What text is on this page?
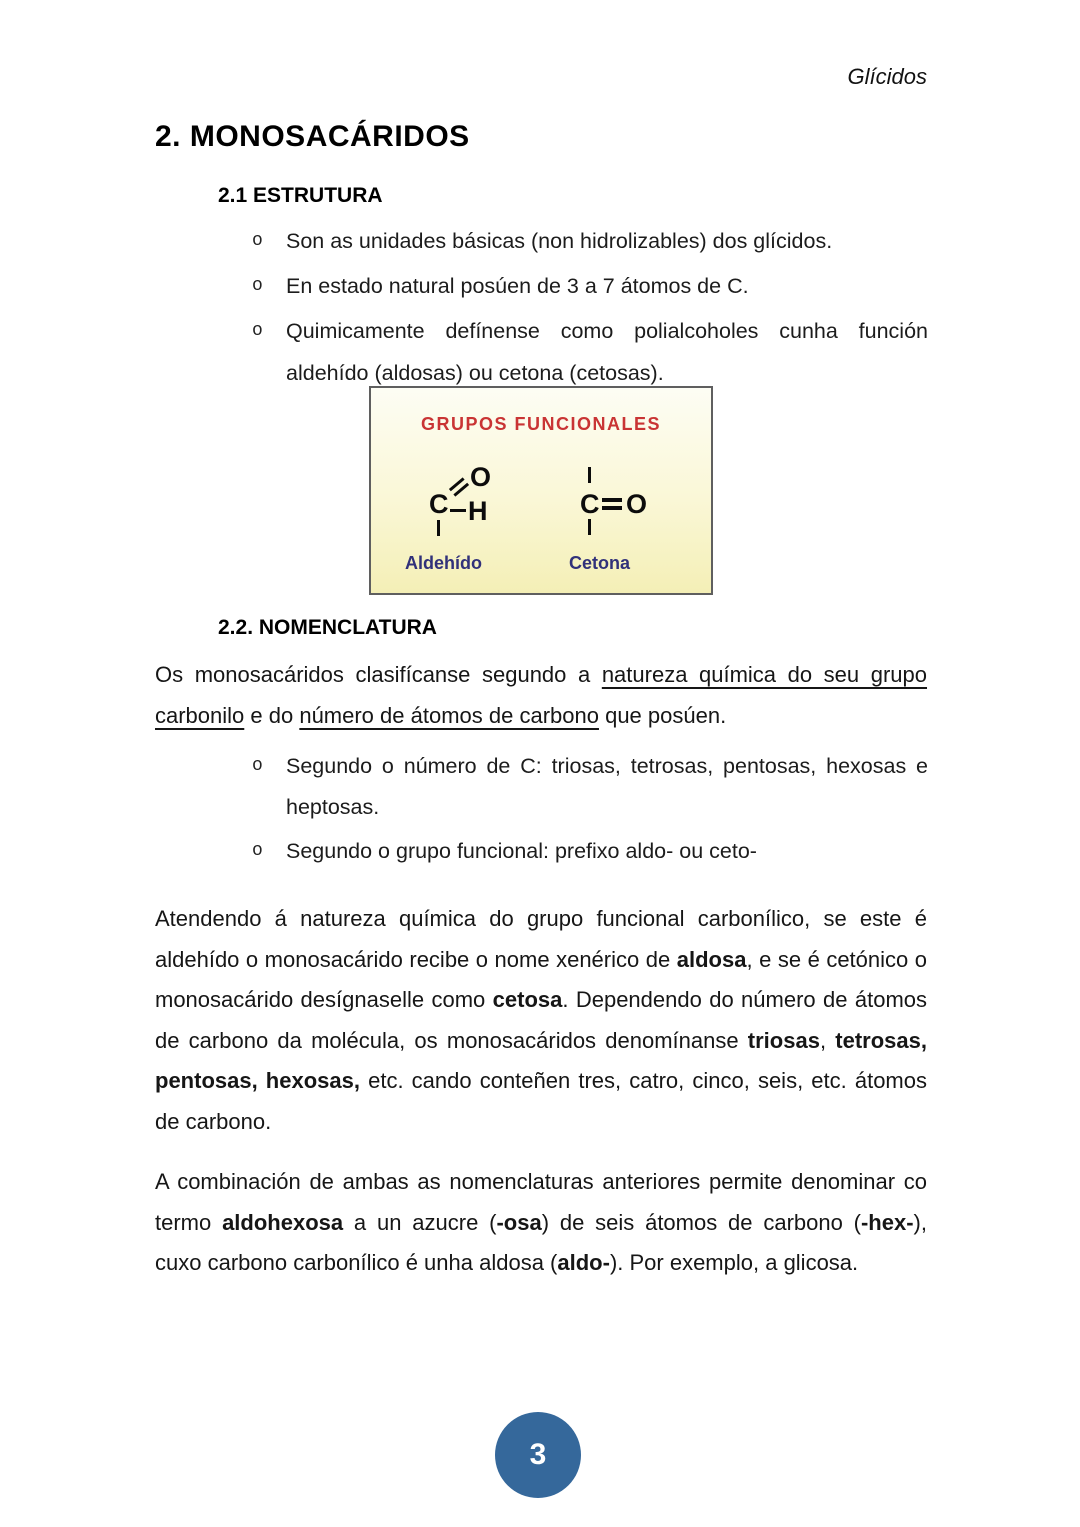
Glícidos
2. MONOSACÁRIDOS
2.1 ESTRUTURA
o	Son as unidades básicas (non hidrolizables) dos glícidos.
o	En estado natural posúen de 3 a 7 átomos de C.
o	Quimicamente defínense como polialcoholes cunha función aldehído (aldosas) ou cetona (cetosas).
GRUPOS FUNCIONALES
C
O
H
Aldehído
C O
Cetona
2.2. NOMENCLATURA

Os monosacáridos clasifícanse segundo a natureza química do seu grupo carbonilo e do número de átomos de carbono que posúen.

o	Segundo o número de C: triosas, tetrosas, pentosas, hexosas e heptosas.
o	Segundo o grupo funcional: prefixo aldo- ou ceto-

Atendendo á natureza química do grupo funcional carbonílico, se este é aldehído o monosacárido recibe o nome xenérico de aldosa, e se é cetónico o monosacárido desígnaselle como cetosa. Dependendo do número de átomos de carbono da molécula, os monosacáridos denomínanse triosas, tetrosas, pentosas, hexosas, etc. cando conteñen tres, catro, cinco, seis, etc. átomos de carbono.

A combinación de ambas as nomenclaturas anteriores permite denominar co termo aldohexosa a un azucre (-osa) de seis átomos de carbono (-hex-), cuxo carbono carbonílico é unha aldosa (aldo-). Por exemplo, a glicosa.

3
